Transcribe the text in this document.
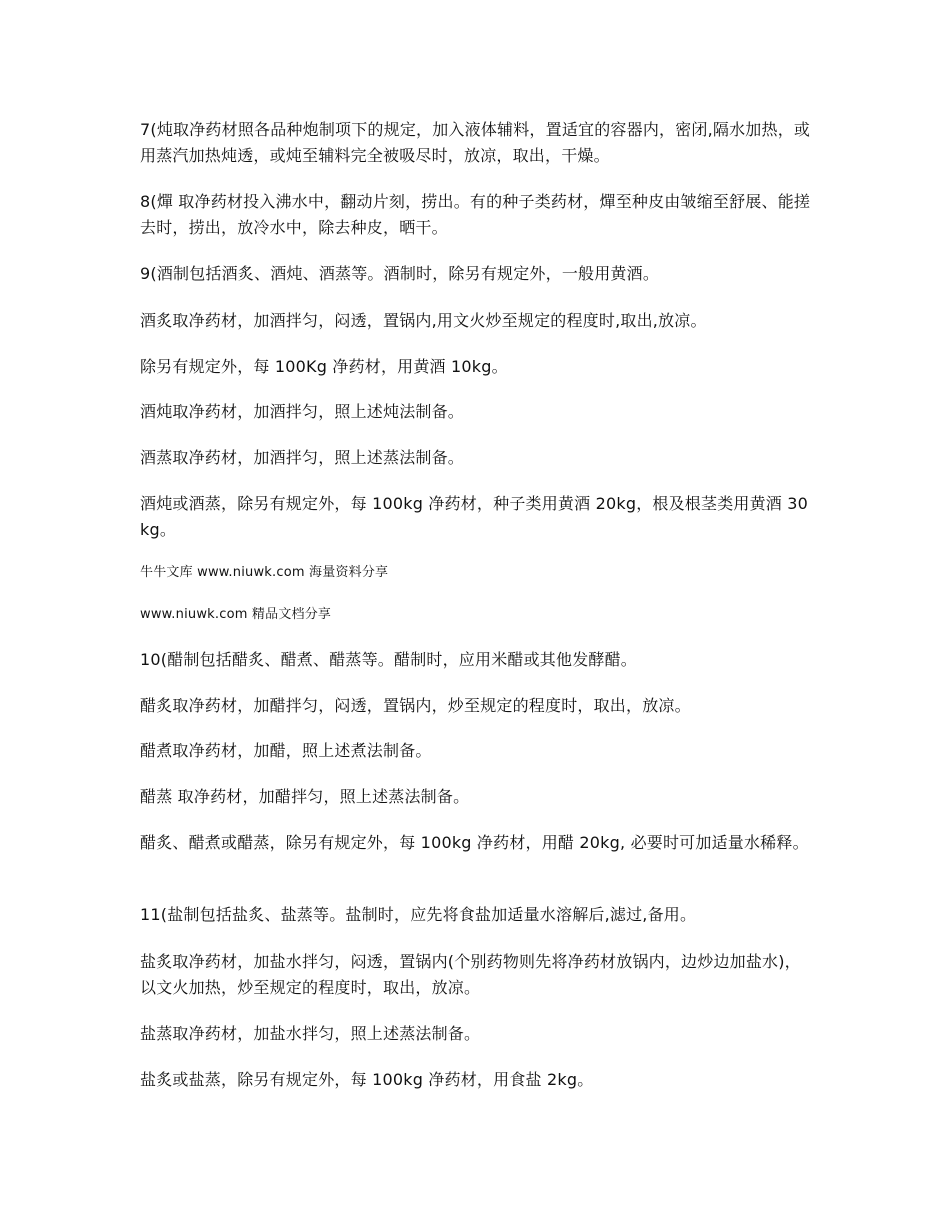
7(炖取净药材照各品种炮制项下的规定，加入液体辅料，置适宜的容器内，密闭,隔水加热，或用蒸汽加热炖透，或炖至辅料完全被吸尽时，放凉，取出，干燥。

8(燀 取净药材投入沸水中，翻动片刻，捞出。有的种子类药材，燀至种皮由皱缩至舒展、能搓去时，捞出，放冷水中，除去种皮，晒干。

9(酒制包括酒炙、酒炖、酒蒸等。酒制时，除另有规定外，一般用黄酒。

酒炙取净药材，加酒拌匀，闷透，置锅内,用文火炒至规定的程度时,取出,放凉。

除另有规定外，每 100Kg 净药材，用黄酒 10kg。

酒炖取净药材，加酒拌匀，照上述炖法制备。

酒蒸取净药材，加酒拌匀，照上述蒸法制备。

酒炖或酒蒸，除另有规定外，每 100kg 净药材，种子类用黄酒 20kg，根及根茎类用黄酒 30kg。

牛牛文库 www.niuwk.com 海量资料分享

www.niuwk.com 精品文档分享

10(醋制包括醋炙、醋煮、醋蒸等。醋制时，应用米醋或其他发酵醋。

醋炙取净药材，加醋拌匀，闷透，置锅内，炒至规定的程度时，取出，放凉。

醋煮取净药材，加醋，照上述煮法制备。

醋蒸 取净药材，加醋拌匀，照上述蒸法制备。

醋炙、醋煮或醋蒸，除另有规定外，每 100kg 净药材，用醋 20kg, 必要时可加适量水稀释。

11(盐制包括盐炙、盐蒸等。盐制时，应先将食盐加适量水溶解后,滤过,备用。

盐炙取净药材，加盐水拌匀，闷透，置锅内(个别药物则先将净药材放锅内，边炒边加盐水)，以文火加热，炒至规定的程度时，取出，放凉。

盐蒸取净药材，加盐水拌匀，照上述蒸法制备。

盐炙或盐蒸，除另有规定外，每 100kg 净药材，用食盐 2kg。
